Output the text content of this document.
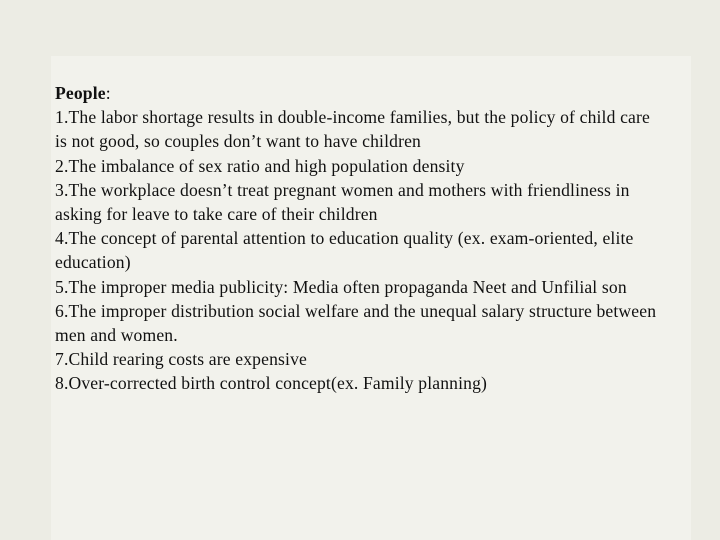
People:

1.The labor shortage results in double-income families, but the policy of child care is not good, so couples don’t want to have children

2.The imbalance of sex ratio and high population density

3.The workplace doesn’t treat pregnant women and mothers with friendliness in asking for leave to take care of their children

4.The concept of parental attention to education quality (ex. exam-oriented, elite education)

5.The improper media publicity: Media often propaganda Neet and Unfilial son

6.The improper distribution social welfare and the unequal salary structure between men and women.

7.Child rearing costs are expensive

8.Over-corrected birth control concept(ex. Family planning)
